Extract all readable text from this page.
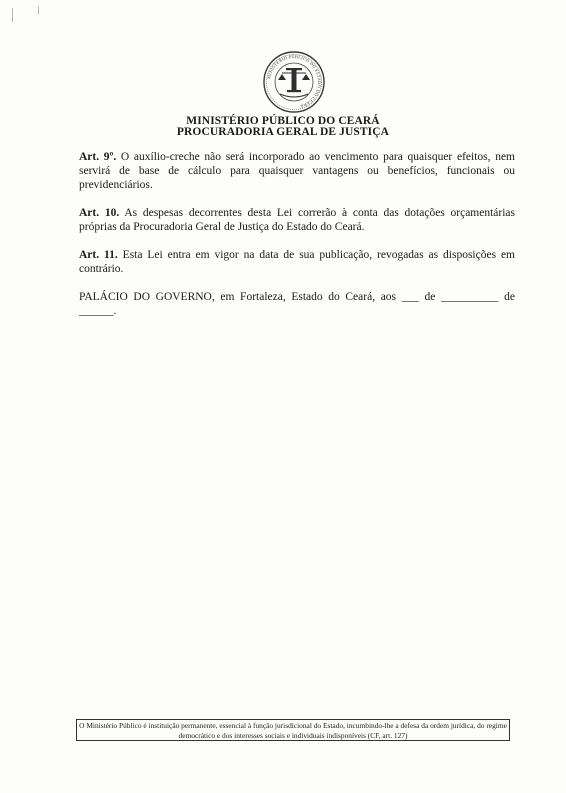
MINISTÉRIO PÚBLICO DO ESTADO DO CEARÁ
MINISTÉRIO PÚBLICO DO CEARÁ
PROCURADORIA GERAL DE JUSTIÇA

Art. 9º. O auxílio-creche não será incorporado ao vencimento para quaisquer efeitos, nem servirá de base de cálculo para quaisquer vantagens ou benefícios, funcionais ou previdenciários.

Art. 10. As despesas decorrentes desta Lei correrão à conta das dotações orçamentárias próprias da Procuradoria Geral de Justiça do Estado do Ceará.

Art. 11. Esta Lei entra em vigor na data de sua publicação, revogadas as disposições em contrário.

PALÁCIO DO GOVERNO, em Fortaleza, Estado do Ceará, aos ___ de __________ de ______.

O Ministério Público é instituição permanente, essencial à função jurisdicional do Estado, incumbindo-lhe a defesa da ordem jurídica, do regime democrático e dos interesses sociais e individuais indisponíveis (CF, art. 127)
